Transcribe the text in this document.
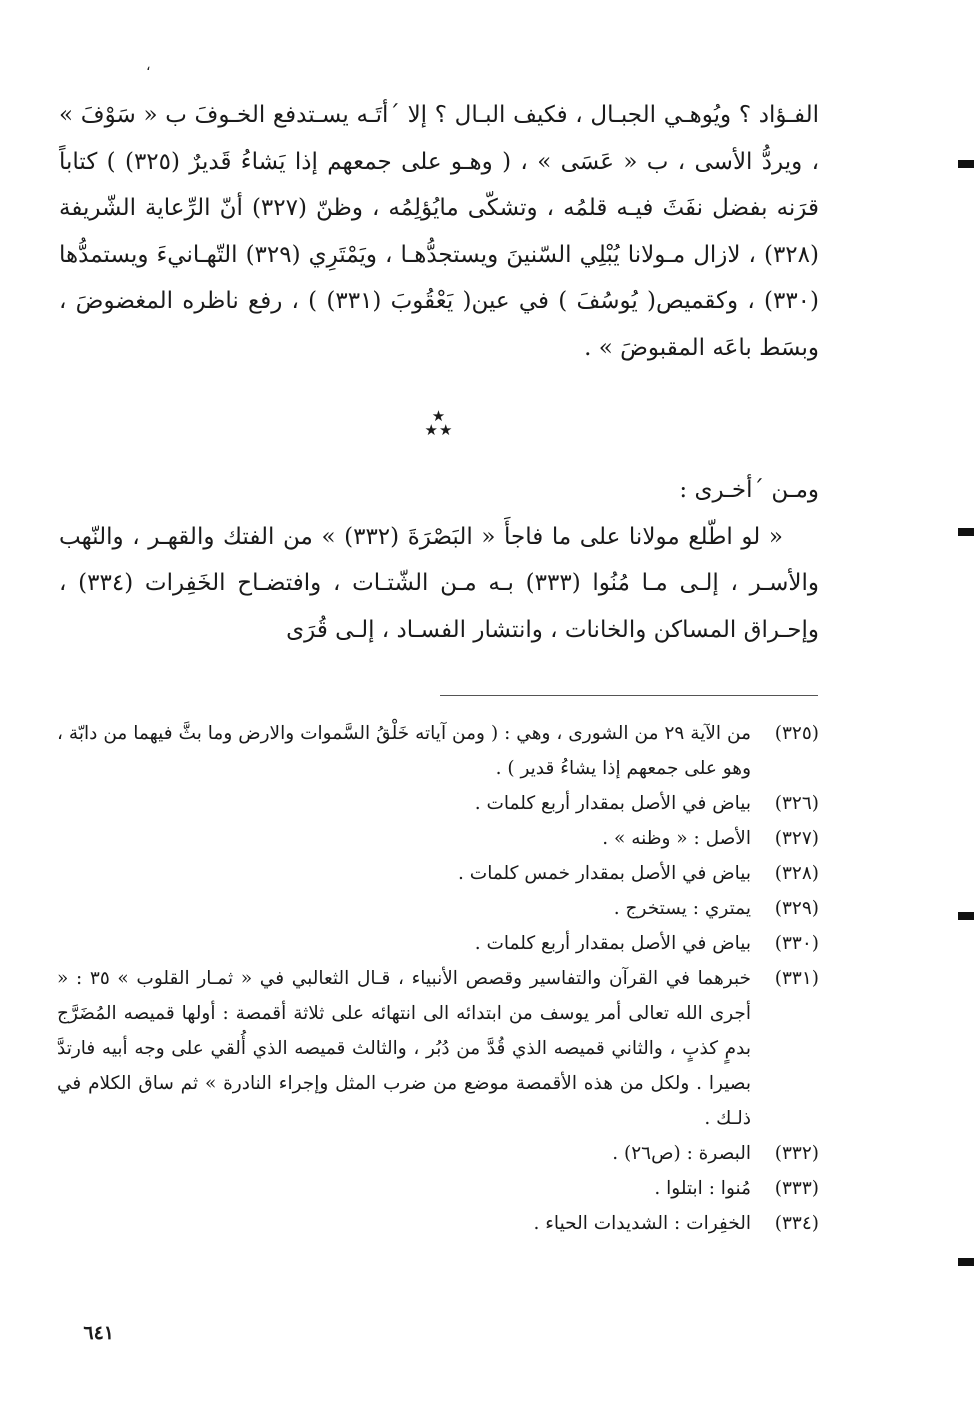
،

الفـؤاد ؟ ويُوهـي الجبـال ، فكيف البـال ؟ إلا ´أتَـه يسـتدفع الخـوفَ ب « سَوْفَ » ، ويردُّ الأسى ، ب « عَسَى » ، ( وهـو على جمعهم إذا يَشاءُ قَديرٌ (٣٢٥) ) كتاباً قرَنه بفضل نفَثَ فيـه قلمُه ، وتشكّى مايُؤلِمُه ، وظنّ (٣٢٧) أنّ الرِّعاية الشّريفة (٣٢٨) ، لازال مـولانا يُبْلِي السّنينَ ويستجدُّهـا ، ويَمْتَرِي (٣٢٩) التّهـانيءَ ويستمدُّها (٣٣٠) ، وكقميص( يُوسُفَ ) في عين( يَعْقُوبَ (٣٣١) ) ، رفع ناظره المغضوضَ ، وبسَط باعَه المقبوضَ » .

★
★★

ومـن ´أخـرى :

« لو اطّلع مولانا على ما فاجأَ « البَصْرَةَ (٣٣٢) » من الفتك والقهـر ، والنّهب والأسـر ، إلـى مـا مُنُوا (٣٣٣) بـه مـن الشّتـات ، وافتضـاح الخَفِرات (٣٣٤) ، وإحـراق المساكن والخانات ، وانتشار الفسـاد ، إلـى قُرَى

(٣٢٥)
من الآية ٢٩ من الشورى ، وهي : ( ومن آياته خَلْقُ السَّموات والارض وما بثَّ فيهما من دابّة ، وهو على جمعهم إذا يشاءُ قدير ) .
(٣٢٦)
بياض في الأصل بمقدار أربع كلمات .
(٣٢٧)
الأصل : « وظنه » .
(٣٢٨)
بياض في الأصل بمقدار خمس كلمات .
(٣٢٩)
يمتري : يستخرج .
(٣٣٠)
بياض في الأصل بمقدار أربع كلمات .
(٣٣١)
خبرهما في القرآن والتفاسير وقصص الأنبياء ، قـال الثعالبي في « ثمـار القلوب » ٣٥ : « أجرى الله تعالى أمر يوسف من ابتدائه الى انتهائه على ثلاثة أقمصة : أولها قميصه المُضَرَّج بدمٍ كذبٍ ، والثاني قميصه الذي قُدَّ من دُبُر ، والثالث قميصه الذي أُلقي على وجه أبيه فارتدَّ بصيرا . ولكل من هذه الأقمصة موضع من ضرب المثل وإجراء النادرة » ثم ساق الكلام في ذلـك .
(٣٣٢)
البصرة : (ص٢٦) .
(٣٣٣)
مُنوا : ابتلوا .
(٣٣٤)
الخفِرات : الشديدات الحياء .
٦٤١
